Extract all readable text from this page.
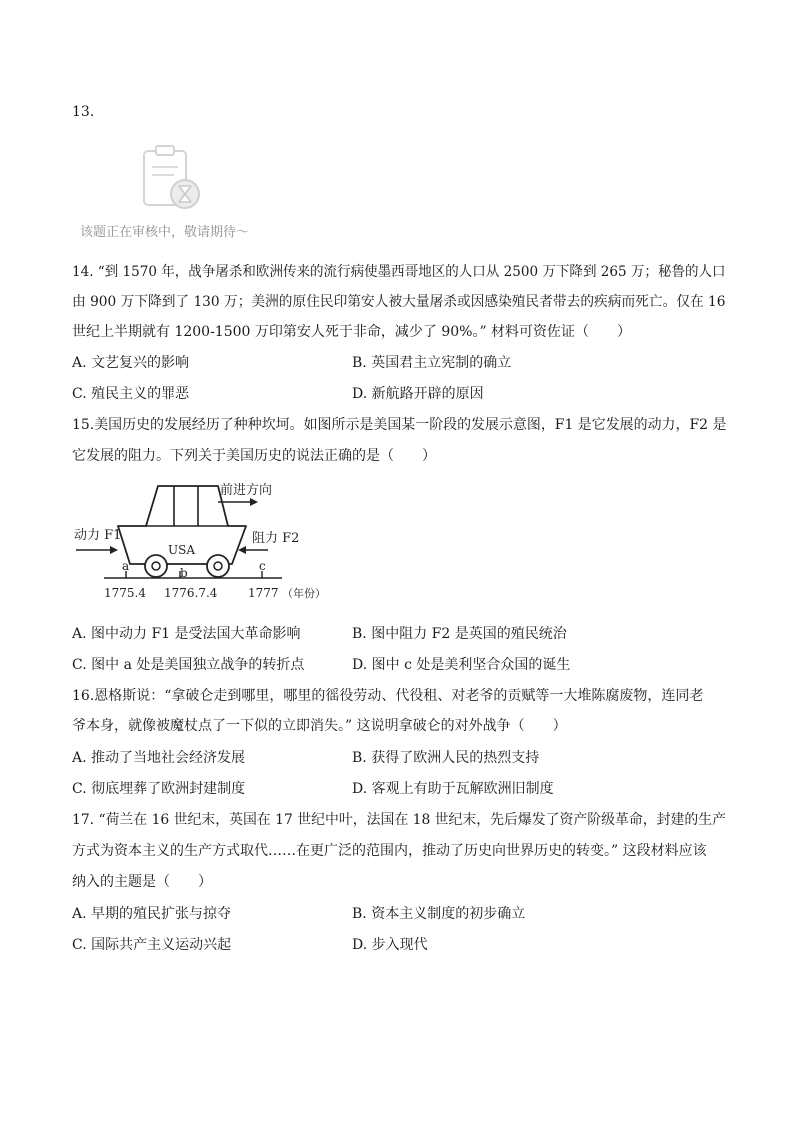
13.
该题正在审核中，敬请期待～
14. “到 1570 年，战争屠杀和欧洲传来的流行病使墨西哥地区的人口从 2500 万下降到 265 万；秘鲁的人口
由 900 万下降到了 130 万；美洲的原住民印第安人被大量屠杀或因感染殖民者带去的疾病而死亡。仅在 16
世纪上半期就有 1200-1500 万印第安人死于非命，减少了 90%。” 材料可资佐证（　　）
A. 文艺复兴的影响	B. 英国君主立宪制的确立
C. 殖民主义的罪恶	D. 新航路开辟的原因
15.美国历史的发展经历了种种坎坷。如图所示是美国某一阶段的发展示意图，F1 是它发展的动力，F2 是
它发展的阻力。下列关于美国历史的说法正确的是（　　）
USA
前进方向
动力 F1	阻力 F2
a	b	c
1775.4 1776.7.4	1777 （年份）
A. 图中动力 F1 是受法国大革命影响	B. 图中阻力 F2 是英国的殖民统治
C. 图中 a 处是美国独立战争的转折点	D. 图中 c 处是美利坚合众国的诞生
16.恩格斯说：“拿破仑走到哪里，哪里的徭役劳动、代役租、对老爷的贡赋等一大堆陈腐废物，连同老
爷本身，就像被魔杖点了一下似的立即消失。” 这说明拿破仑的对外战争（　　）
A. 推动了当地社会经济发展	B. 获得了欧洲人民的热烈支持
C. 彻底埋葬了欧洲封建制度	D. 客观上有助于瓦解欧洲旧制度
17. “荷兰在 16 世纪末，英国在 17 世纪中叶，法国在 18 世纪末，先后爆发了资产阶级革命，封建的生产
方式为资本主义的生产方式取代……在更广泛的范围内，推动了历史向世界历史的转变。” 这段材料应该
纳入的主题是（　　）
A. 早期的殖民扩张与掠夺	B. 资本主义制度的初步确立
C. 国际共产主义运动兴起	D. 步入现代
